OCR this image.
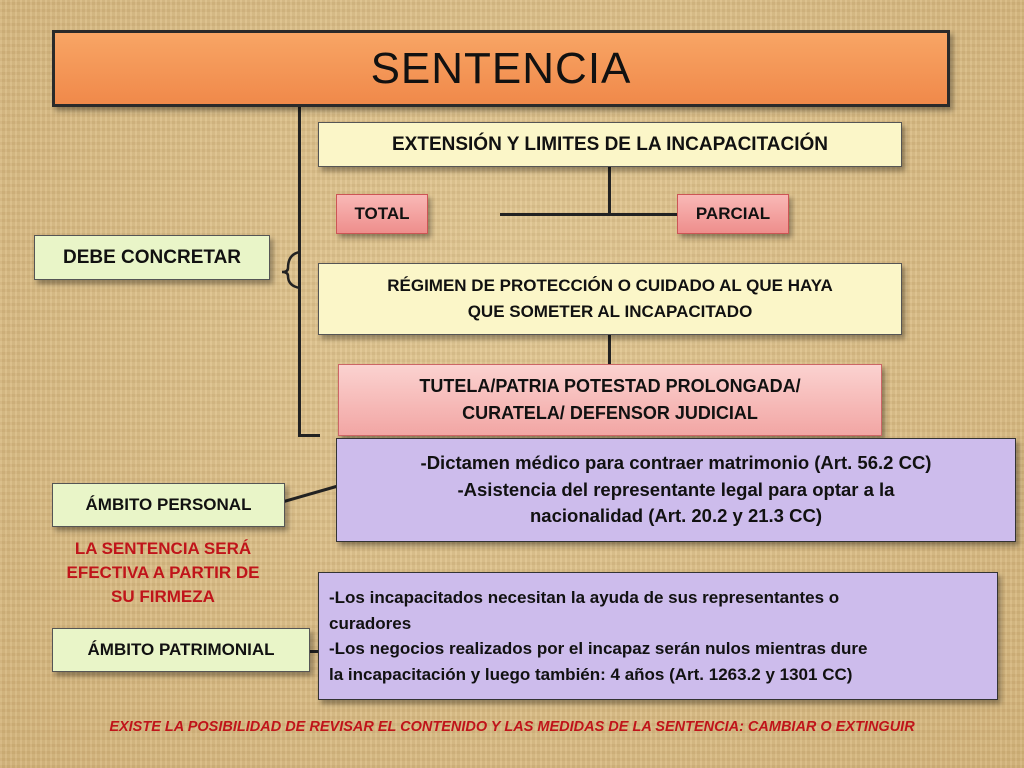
SENTENCIA
EXTENSIÓN Y LIMITES DE LA INCAPACITACIÓN
TOTAL	PARCIAL
DEBE CONCRETAR
RÉGIMEN DE PROTECCIÓN O CUIDADO AL QUE HAYA
QUE SOMETER AL INCAPACITADO
TUTELA/PATRIA POTESTAD PROLONGADA/
CURATELA/ DEFENSOR JUDICIAL
-Dictamen médico para contraer matrimonio (Art. 56.2 CC)
-Asistencia del representante legal para optar a la
nacionalidad (Art. 20.2 y 21.3 CC)
ÁMBITO PERSONAL
LA SENTENCIA SERÁ
EFECTIVA A PARTIR DE
SU FIRMEZA	-Los incapacitados necesitan la ayuda de sus representantes o
curadores
-Los negocios realizados por el incapaz serán nulos mientras dure
la incapacitación y luego también: 4 años (Art. 1263.2 y 1301 CC)
ÁMBITO PATRIMONIAL
EXISTE LA POSIBILIDAD DE REVISAR EL CONTENIDO Y LAS MEDIDAS DE LA SENTENCIA: CAMBIAR O EXTINGUIR
